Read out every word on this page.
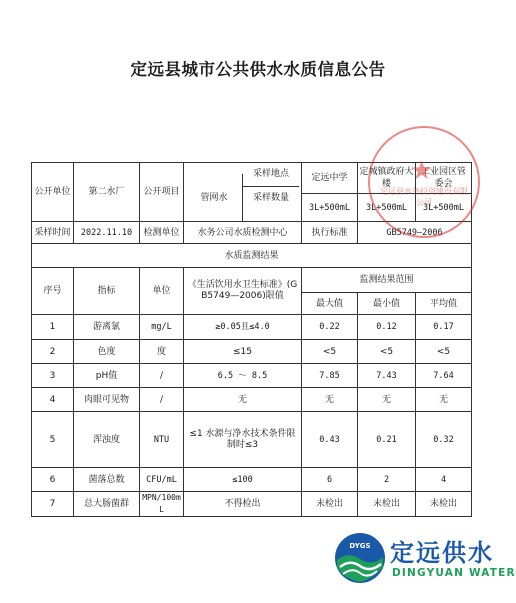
定远县城市公共供水水质信息公告
公开单位	第二水厂	公开项目	管网水
采样地点
采样数量	定远中学	定城镇政府大楼	工业园区管委会
				3L+500mL	3L+500mL	3L+500mL
采样时间	2022.11.10	检测单位	水务公司水质检测中心	执行标准	GB5749—2006	
水质监测结果						
序号	指标	单位	《生活饮用水卫生标准》(GB5749—2006)限值	监测结果范围		
				最大值	最小值	平均值
1	游离氯	mg/L	≥0.05且≤4.0	0.22	0.12	0.17
2	色度	度	≤15	<5	<5	<5
3	pH值	/	6.5 ～ 8.5	7.85	7.43	7.64
4	肉眼可见物	/	无	无	无	无
5	浑浊度	NTU	≤1 水源与净水技术条件限制时≤3	0.43	0.21	0.32
6	菌落总数	CFU/mL	≤100	6	2	4
7	总大肠菌群	MPN/100mL	不得检出	未检出	未检出	未检出
★
定远县水务投资建设有限公司
DYGS 定远供水
DINGYUAN WATER
